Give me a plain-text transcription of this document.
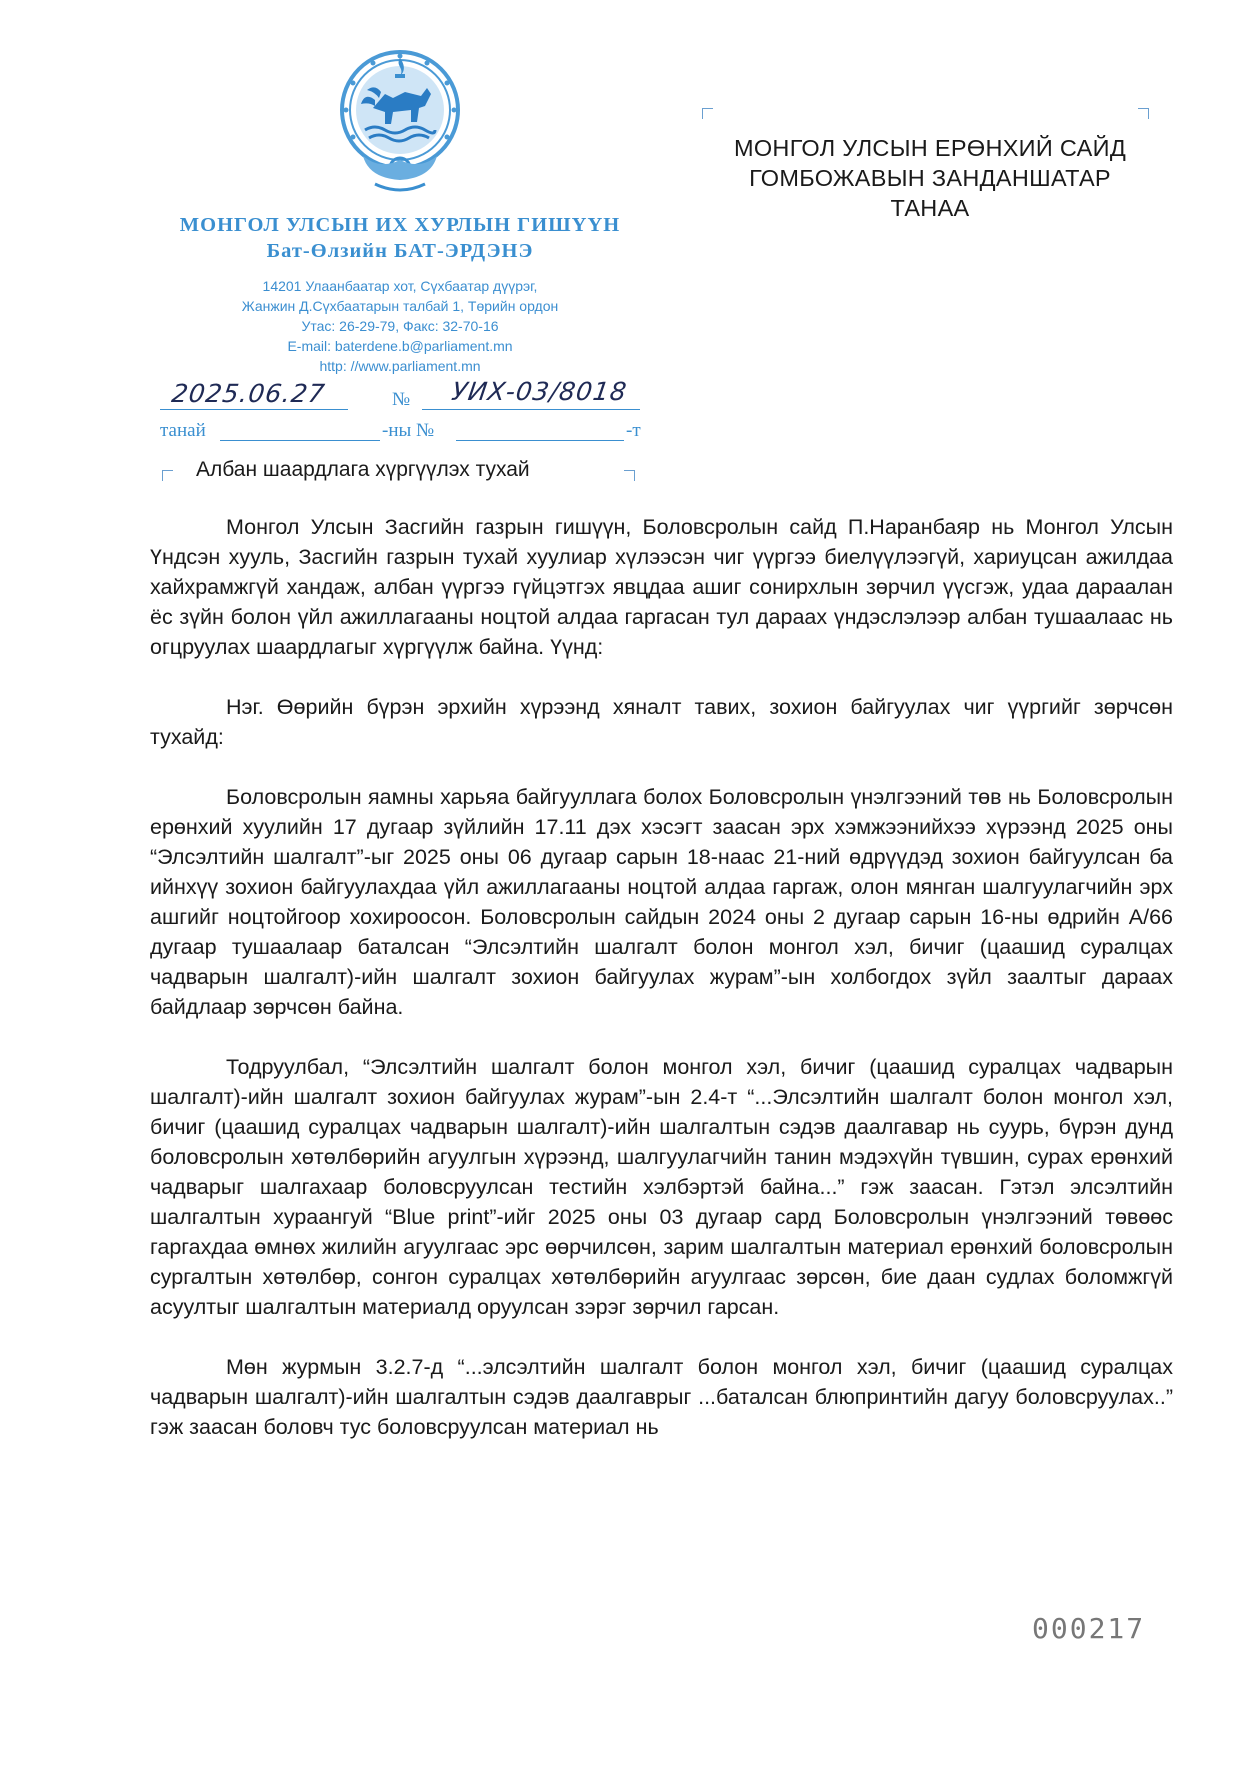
МОНГОЛ УЛСЫН ИХ ХУРЛЫН ГИШҮҮН
Бат-Өлзийн БАТ-ЭРДЭНЭ
14201 Улаанбаатар хот, Сүхбаатар дүүрэг,
Жанжин Д.Сүхбаатарын талбай 1, Төрийн ордон
Утас: 26-29-79, Факс: 32-70-16
E-mail: baterdene.b@parliament.mn
http: //www.parliament.mn
2025.06.27	№ УИХ-03/8018
танай	-ны №	-т
Албан шаардлага хүргүүлэх тухай
МОНГОЛ УЛСЫН ЕРӨНХИЙ САЙД
ГОМБОЖАВЫН ЗАНДАНШАТАР
ТАНАА

Монгол Улсын Засгийн газрын гишүүн, Боловсролын сайд П.Наранбаяр нь Монгол Улсын Үндсэн хууль, Засгийн газрын тухай хуулиар хүлээсэн чиг үүргээ биелүүлээгүй, хариуцсан ажилдаа хайхрамжгүй хандаж, албан үүргээ гүйцэтгэх явцдаа ашиг сонирхлын зөрчил үүсгэж, удаа дараалан ёс зүйн болон үйл ажиллагааны ноцтой алдаа гаргасан тул дараах үндэслэлээр албан тушаалаас нь огцруулах шаардлагыг хүргүүлж байна. Үүнд:

Нэг. Өөрийн бүрэн эрхийн хүрээнд хяналт тавих, зохион байгуулах чиг үүргийг зөрчсөн тухайд:

Боловсролын яамны харьяа байгууллага болох Боловсролын үнэлгээний төв нь Боловсролын ерөнхий хуулийн 17 дугаар зүйлийн 17.11 дэх хэсэгт заасан эрх хэмжээнийхээ хүрээнд 2025 оны “Элсэлтийн шалгалт”-ыг 2025 оны 06 дугаар сарын 18-наас 21-ний өдрүүдэд зохион байгуулсан ба ийнхүү зохион байгуулахдаа үйл ажиллагааны ноцтой алдаа гаргаж, олон мянган шалгуулагчийн эрх ашгийг ноцтойгоор хохироосон. Боловсролын сайдын 2024 оны 2 дугаар сарын 16-ны өдрийн А/66 дугаар тушаалаар баталсан “Элсэлтийн шалгалт болон монгол хэл, бичиг (цаашид суралцах чадварын шалгалт)-ийн шалгалт зохион байгуулах журам”-ын холбогдох зүйл заалтыг дараах байдлаар зөрчсөн байна.

Тодруулбал, “Элсэлтийн шалгалт болон монгол хэл, бичиг (цаашид суралцах чадварын шалгалт)-ийн шалгалт зохион байгуулах журам”-ын 2.4-т “...Элсэлтийн шалгалт болон монгол хэл, бичиг (цаашид суралцах чадварын шалгалт)-ийн шалгалтын сэдэв даалгавар нь суурь, бүрэн дунд боловсролын хөтөлбөрийн агуулгын хүрээнд, шалгуулагчийн танин мэдэхүйн түвшин, сурах ерөнхий чадварыг шалгахаар боловсруулсан тестийн хэлбэртэй байна...” гэж заасан. Гэтэл элсэлтийн шалгалтын хураангуй “Blue print”-ийг 2025 оны 03 дугаар сард Боловсролын үнэлгээний төвөөс гаргахдаа өмнөх жилийн агуулгаас эрс өөрчилсөн, зарим шалгалтын материал ерөнхий боловсролын сургалтын хөтөлбөр, сонгон суралцах хөтөлбөрийн агуулгаас зөрсөн, бие даан судлах боломжгүй асуултыг шалгалтын материалд оруулсан зэрэг зөрчил гарсан.

Мөн журмын 3.2.7-д “...элсэлтийн шалгалт болон монгол хэл, бичиг (цаашид суралцах чадварын шалгалт)-ийн шалгалтын сэдэв даалгаврыг ...баталсан блюпринтийн дагуу боловсруулах..” гэж заасан боловч тус боловсруулсан материал нь

000217
